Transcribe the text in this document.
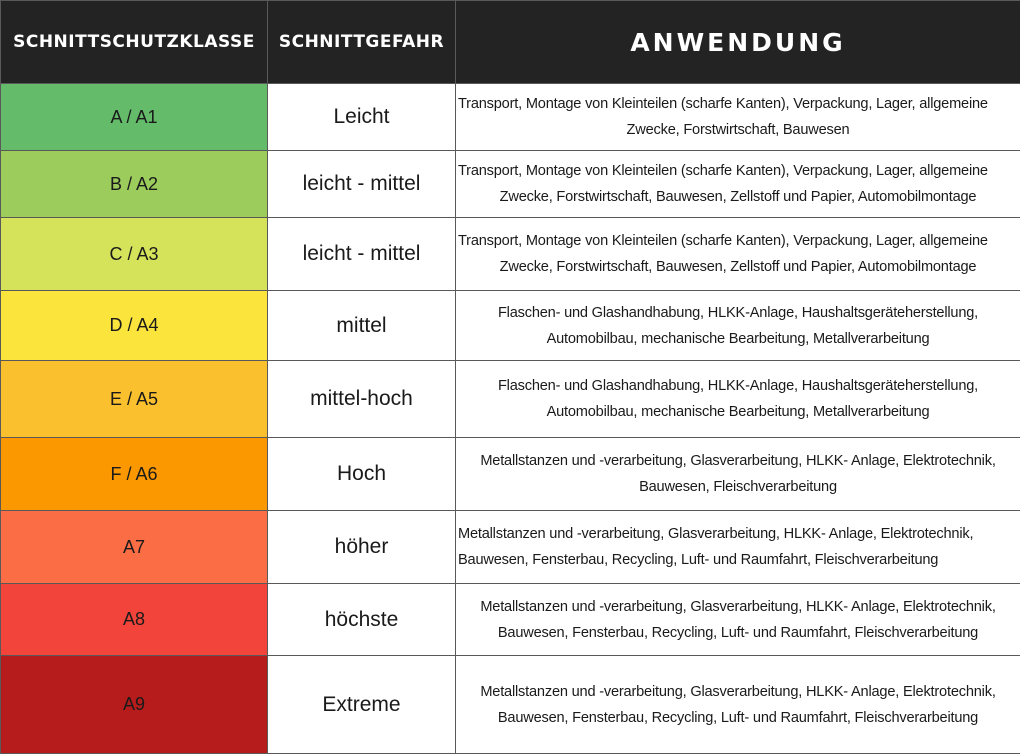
SCHNITTSCHUTZKLASSE	SCHNITTGEFAHR	ANWENDUNG
A / A1	Leicht	Transport, Montage von Kleinteilen (scharfe Kanten), Verpackung, Lager, allgemeine
Zwecke, Forstwirtschaft, Bauwesen

B / A2	leicht - mittel	Transport, Montage von Kleinteilen (scharfe Kanten), Verpackung, Lager, allgemeine
Zwecke, Forstwirtschaft, Bauwesen, Zellstoff und Papier, Automobilmontage

C / A3	leicht - mittel	Transport, Montage von Kleinteilen (scharfe Kanten), Verpackung, Lager, allgemeine
Zwecke, Forstwirtschaft, Bauwesen, Zellstoff und Papier, Automobilmontage

D / A4	mittel	Flaschen- und Glashandhabung, HLKK-Anlage, Haushaltsgeräteherstellung,
Automobilbau, mechanische Bearbeitung, Metallverarbeitung

E / A5	mittel-hoch	Flaschen- und Glashandhabung, HLKK-Anlage, Haushaltsgeräteherstellung,
Automobilbau, mechanische Bearbeitung, Metallverarbeitung

F / A6	Hoch	Metallstanzen und -verarbeitung, Glasverarbeitung, HLKK- Anlage, Elektrotechnik,
Bauwesen, Fleischverarbeitung

A7	höher	Metallstanzen und -verarbeitung, Glasverarbeitung, HLKK- Anlage, Elektrotechnik,
Bauwesen, Fensterbau, Recycling, Luft- und Raumfahrt, Fleischverarbeitung

A8	höchste	Metallstanzen und -verarbeitung, Glasverarbeitung, HLKK- Anlage, Elektrotechnik,
Bauwesen, Fensterbau, Recycling, Luft- und Raumfahrt, Fleischverarbeitung

A9	Extreme	Metallstanzen und -verarbeitung, Glasverarbeitung, HLKK- Anlage, Elektrotechnik,
Bauwesen, Fensterbau, Recycling, Luft- und Raumfahrt, Fleischverarbeitung
